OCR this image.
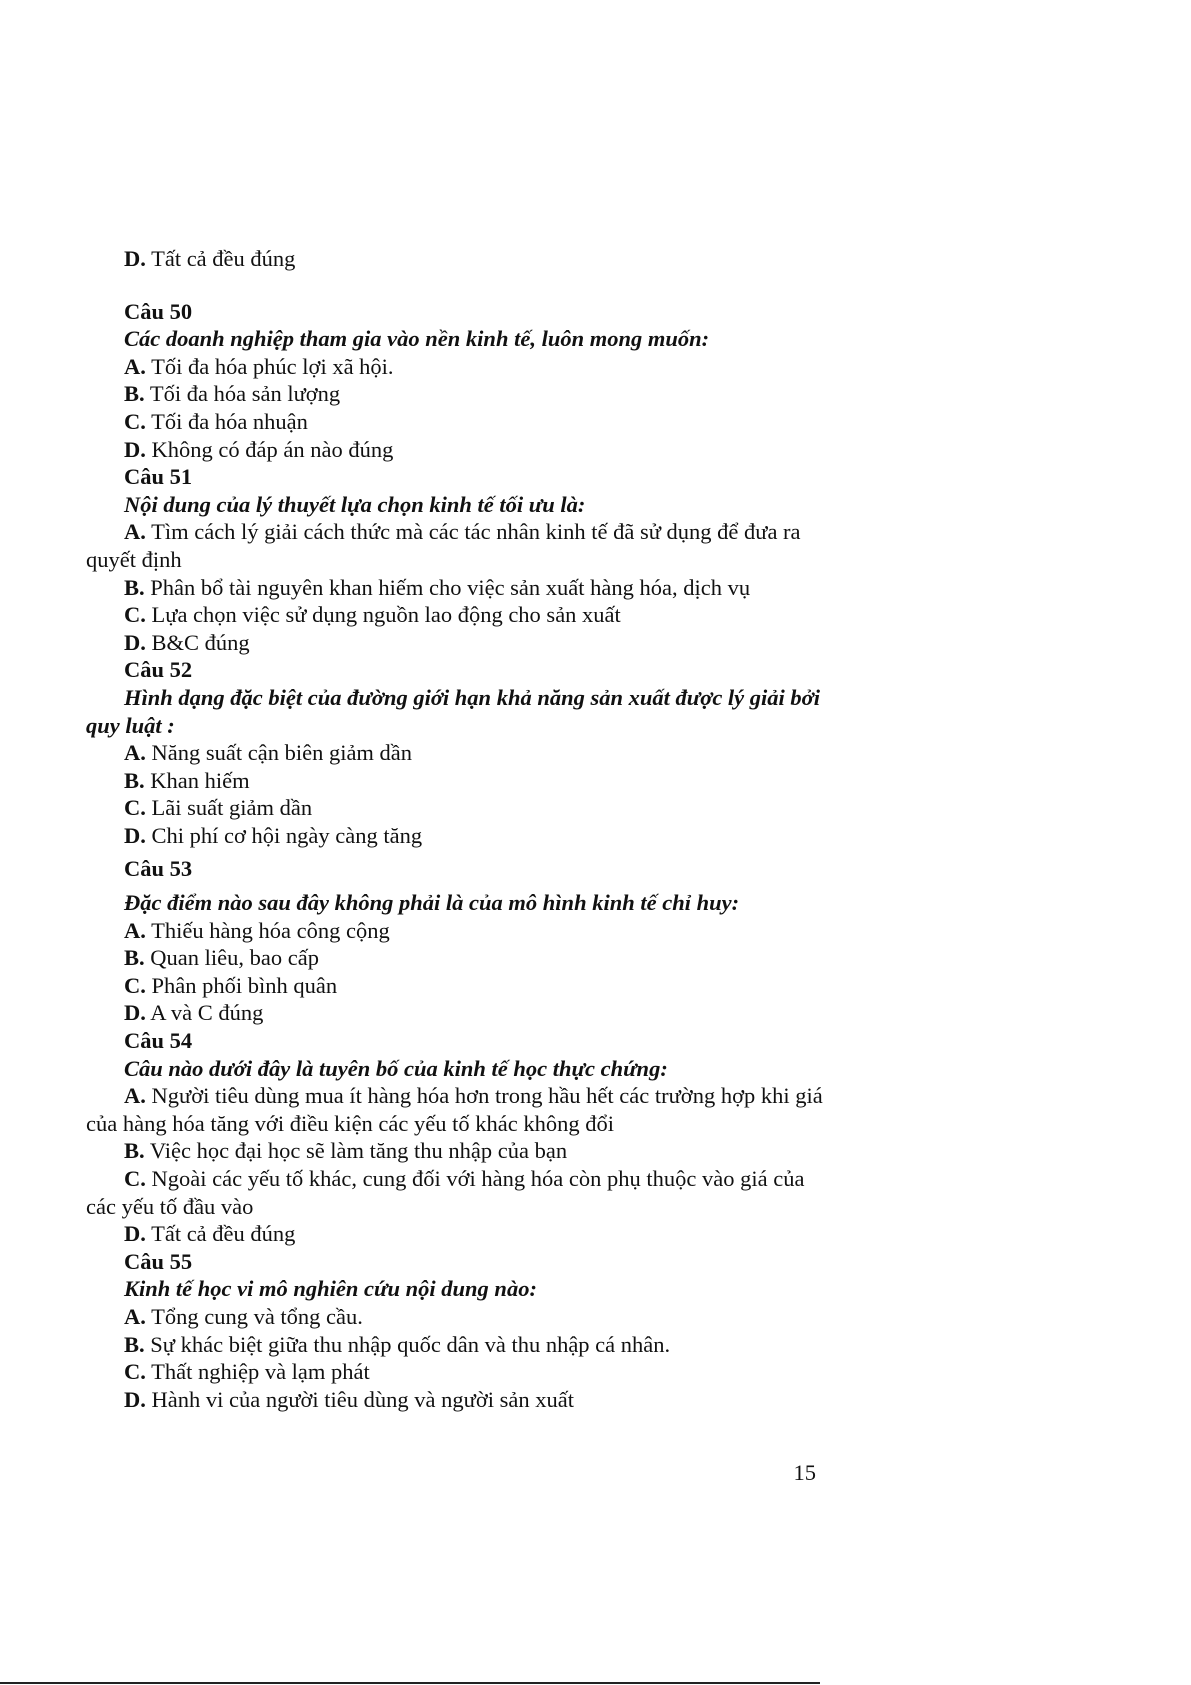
D. Tất cả đều đúng

Câu 50

Các doanh nghiệp tham gia vào nền kinh tế, luôn mong muốn:

A. Tối đa hóa phúc lợi xã hội.

B. Tối đa hóa sản lượng

C. Tối đa hóa nhuận

D. Không có đáp án nào đúng

Câu 51

Nội dung của lý thuyết lựa chọn kinh tế tối ưu là:

A. Tìm cách lý giải cách thức mà các tác nhân kinh tế đã sử dụng để đưa ra quyết định

B. Phân bổ tài nguyên khan hiếm cho việc sản xuất hàng hóa, dịch vụ

C. Lựa chọn việc sử dụng nguồn lao động cho sản xuất

D. B&C đúng

Câu 52

Hình dạng đặc biệt của đường giới hạn khả năng sản xuất được lý giải bởi quy luật :

A. Năng suất cận biên giảm dần

B. Khan hiếm

C. Lãi suất giảm dần

D. Chi phí cơ hội ngày càng tăng

Câu 53

Đặc điểm nào sau đây không phải là của mô hình kinh tế chỉ huy:

A. Thiếu hàng hóa công cộng

B. Quan liêu, bao cấp

C. Phân phối bình quân

D. A và C đúng

Câu 54

Câu nào dưới đây là tuyên bố của kinh tế học thực chứng:

A. Người tiêu dùng mua ít hàng hóa hơn trong hầu hết các trường hợp khi giá của hàng hóa tăng với điều kiện các yếu tố khác không đổi

B. Việc học đại học sẽ làm tăng thu nhập của bạn

C. Ngoài các yếu tố khác, cung đối với hàng hóa còn phụ thuộc vào giá của các yếu tố đầu vào

D. Tất cả đều đúng

Câu 55

Kinh tế học vi mô nghiên cứu nội dung nào:

A. Tổng cung và tổng cầu.

B. Sự khác biệt giữa thu nhập quốc dân và thu nhập cá nhân.

C. Thất nghiệp và lạm phát

D. Hành vi của người tiêu dùng và người sản xuất

15
